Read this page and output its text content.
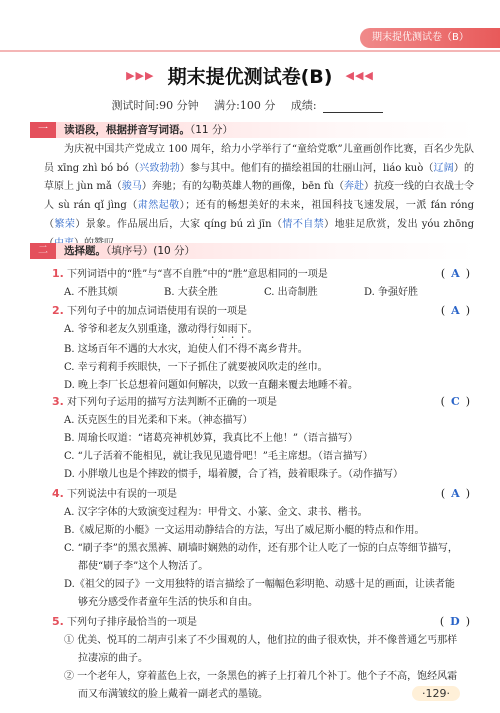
期末提优测试卷（B）
▶▶▶ 期末提优测试卷(B) ◀◀◀
测试时间:90 分钟 满分:100 分 成绩:
一	读语段，根据拼音写词语。（11 分）
为庆祝中国共产党成立 100 周年，给力小学举行了“童给党歌”儿童画创作比赛，百名少先队员 xīng zhì bó bó（兴致勃勃）参与其中。他们有的描绘祖国的壮丽山河，liáo kuò（辽阔）的草原上 jùn mǎ（骏马）奔驰；有的勾勒英雄人物的画像，bēn fù（奔赴）抗疫一线的白衣战士令人 sù rán qǐ jìng（肃然起敬）；还有的畅想美好的未来，祖国科技飞速发展，一派 fán róng（繁荣）景象。作品展出后，大家 qíng bú zì jīn（情不自禁）地驻足欣赏，发出 yóu zhōng
二	选择题。（填序号）(10 分）
1. 下列词语中的“胜”与“喜不自胜”中的“胜”意思相同的一项是	( A )
A. 不胜其烦	B. 大获全胜	C. 出奇制胜	D. 争强好胜
2. 下列句子中的加点词语使用有误的一项是	( A )
A. 爷爷和老友久别重逢，激动得行如雨下。
B. 这场百年不遇的大水灾，迫使人们不得不离乡背井。
C. 幸亏莉莉手疾眼快，一下子抓住了就要被风吹走的丝巾。
D. 晚上李厂长总想着问题如何解决，以致一直翻来覆去地睡不着。
3. 对下列句子运用的描写方法判断不正确的一项是	( C )
A. 沃克医生的目光柔和下来。（神态描写）
B. 周瑜长叹道：“诸葛亮神机妙算，我真比不上他！”（语言描写）
C. “儿子活着不能相见，就让我见见遗骨吧！”毛主席想。（语言描写）
D. 小胖墩儿也是个摔跤的惯手，塌着腰，合了裆，鼓着眼珠子。（动作描写）
4. 下列说法中有误的一项是	( A )
A. 汉字字体的大致演变过程为：甲骨文、小篆、金文、隶书、楷书。
B.《威尼斯的小艇》一文运用动静结合的方法，写出了威尼斯小艇的特点和作用。
C. “刷子李”的黑衣黑裤、刷墙时娴熟的动作，还有那个让人吃了一惊的白点等细节描写，
都使“刷子李”这个人物活了。
D.《祖父的园子》一文用独特的语言描绘了一幅幅色彩明艳、动感十足的画面，让读者能
够充分感受作者童年生活的快乐和自由。
5. 下列句子排序最恰当的一项是	( D )
① 优美、悦耳的二胡声引来了不少围观的人，他们拉的曲子很欢快，并不像普通乞丐那样
拉凄凉的曲子。
② 一个老年人，穿着蓝色上衣，一条黑色的裤子上打着几个补丁。他个子不高，饱经风霜
而又布满皱纹的脸上戴着一副老式的墨镜。	·129·
